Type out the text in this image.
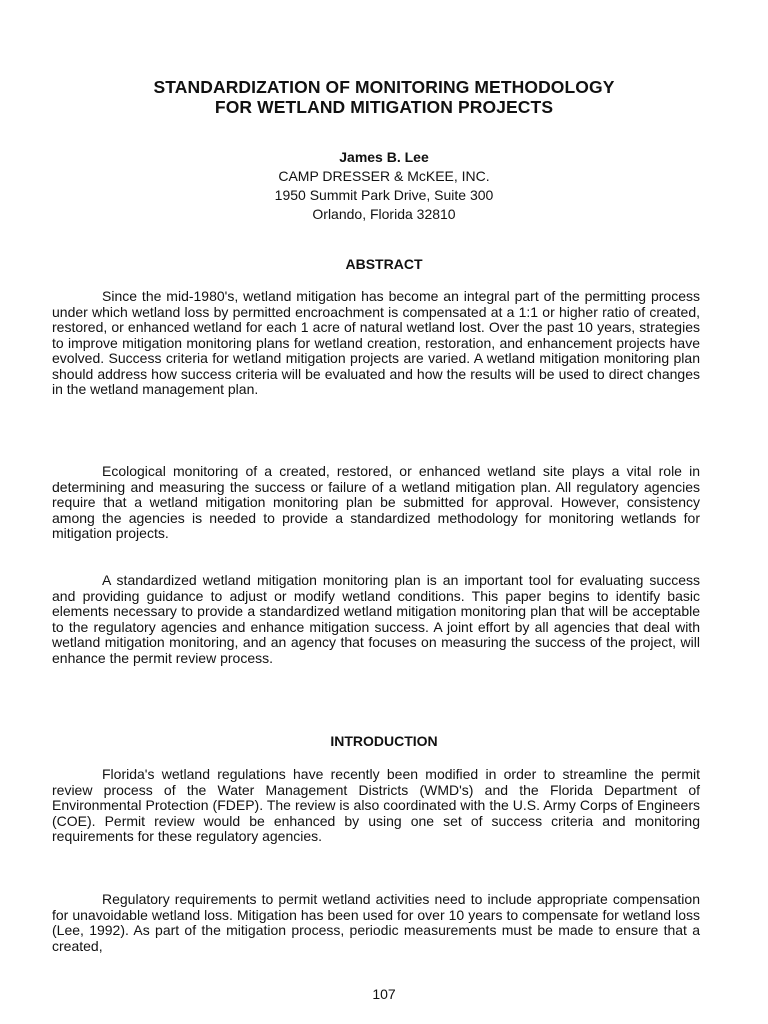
STANDARDIZATION OF MONITORING METHODOLOGY
FOR WETLAND MITIGATION PROJECTS
James B. Lee
CAMP DRESSER & McKEE, INC.
1950 Summit Park Drive, Suite 300
Orlando, Florida 32810
ABSTRACT

Since the mid-1980's, wetland mitigation has become an integral part of the permitting process under which wetland loss by permitted encroachment is compensated at a 1:1 or higher ratio of created, restored, or enhanced wetland for each 1 acre of natural wetland lost. Over the past 10 years, strategies to improve mitigation monitoring plans for wetland creation, restoration, and enhancement projects have evolved. Success criteria for wetland mitigation projects are varied. A wetland mitigation monitoring plan should address how success criteria will be evaluated and how the results will be used to direct changes in the wetland management plan.

Ecological monitoring of a created, restored, or enhanced wetland site plays a vital role in determining and measuring the success or failure of a wetland mitigation plan. All regulatory agencies require that a wetland mitigation monitoring plan be submitted for approval. However, consistency among the agencies is needed to provide a standardized methodology for monitoring wetlands for mitigation projects.

A standardized wetland mitigation monitoring plan is an important tool for evaluating success and providing guidance to adjust or modify wetland conditions. This paper begins to identify basic elements necessary to provide a standardized wetland mitigation monitoring plan that will be acceptable to the regulatory agencies and enhance mitigation success. A joint effort by all agencies that deal with wetland mitigation monitoring, and an agency that focuses on measuring the success of the project, will enhance the permit review process.

INTRODUCTION

Florida's wetland regulations have recently been modified in order to streamline the permit review process of the Water Management Districts (WMD's) and the Florida Department of Environmental Protection (FDEP). The review is also coordinated with the U.S. Army Corps of Engineers (COE). Permit review would be enhanced by using one set of success criteria and monitoring requirements for these regulatory agencies.

Regulatory requirements to permit wetland activities need to include appropriate compensation for unavoidable wetland loss. Mitigation has been used for over 10 years to compensate for wetland loss (Lee, 1992). As part of the mitigation process, periodic measurements must be made to ensure that a created,

107
